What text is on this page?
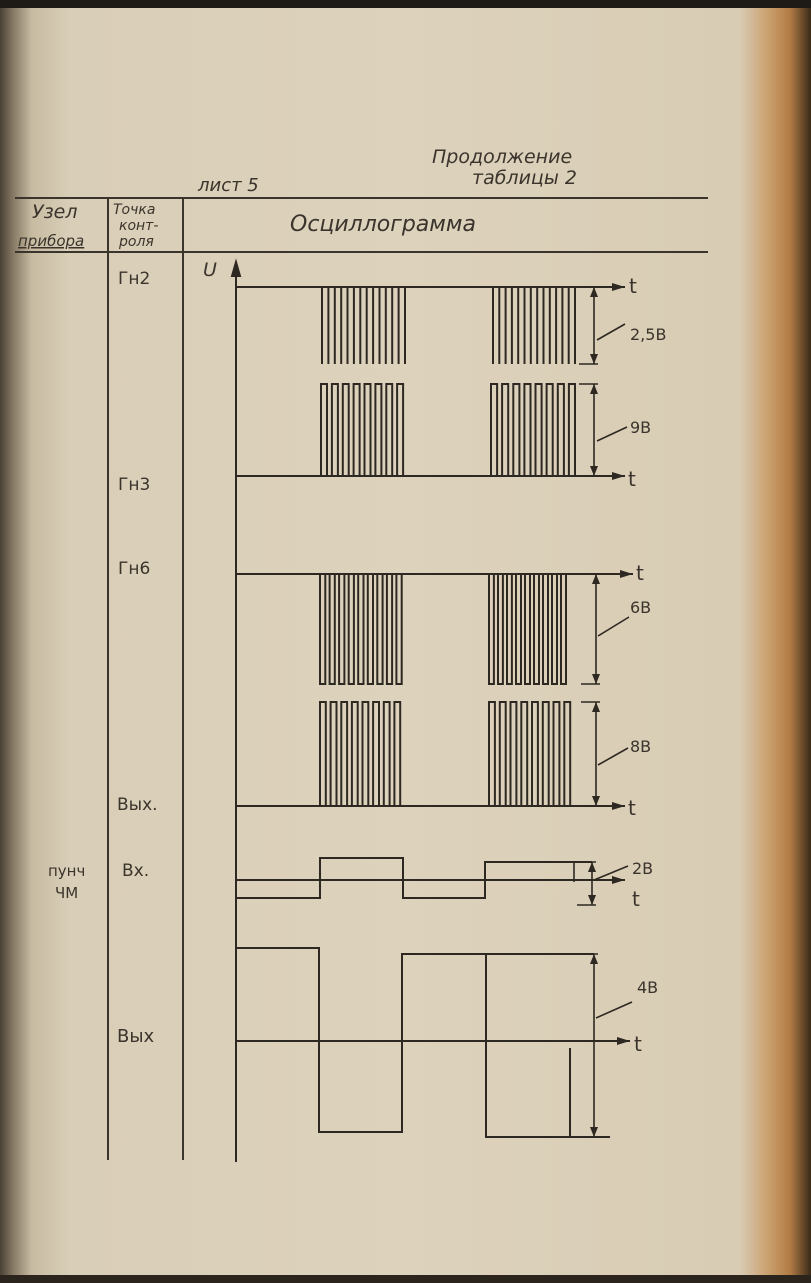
Продолжение
таблицы 2
лист 5
Узел
прибора
Точка
конт-
роля
Осциллограмма
Гн2
Гн3
Гн6
Вых.
пунч
ЧМ
Вх.
Вых
U
t
t
t
t
t
t
2,5В
9В
6В
8В
2В
4В
